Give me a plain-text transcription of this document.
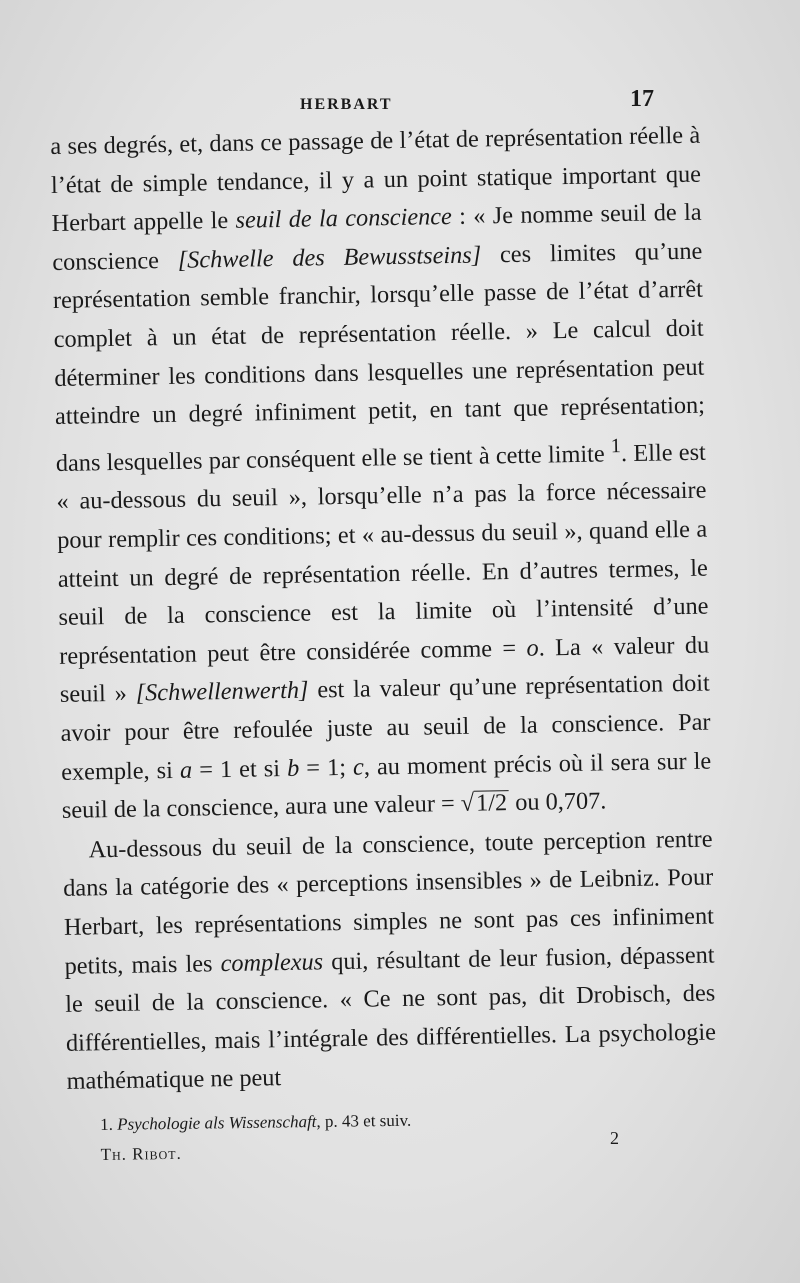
HERBART	17

a ses degrés, et, dans ce passage de l’état de représentation réelle à l’état de simple tendance, il y a un point statique important que Herbart appelle le seuil de la conscience : « Je nomme seuil de la conscience [Schwelle des Bewusstseins] ces limites qu’une représentation semble franchir, lorsqu’elle passe de l’état d’arrêt complet à un état de représentation réelle. » Le calcul doit déterminer les conditions dans lesquelles une représentation peut atteindre un degré infiniment petit, en tant que représentation; dans lesquelles par conséquent elle se tient à cette limite $^1$. Elle est « au-dessous du seuil », lorsqu’elle n’a pas la force nécessaire pour remplir ces conditions; et « au-dessus du seuil », quand elle a atteint un degré de représentation réelle. En d’autres termes, le seuil de la conscience est la limite où l’intensité d’une représentation peut être considérée comme = o. La « valeur du seuil » [Schwellenwerth] est la valeur qu’une représentation doit avoir pour être refoulée juste au seuil de la conscience. Par exemple, si a = 1 et si b = 1; c, au moment précis où il sera sur le seuil de la conscience, aura une valeur = √1/2 ou 0,707.

Au-dessous du seuil de la conscience, toute perception rentre dans la catégorie des « perceptions insensibles » de Leibniz. Pour Herbart, les représentations simples ne sont pas ces infiniment petits, mais les complexus qui, résultant de leur fusion, dépassent le seuil de la conscience. « Ce ne sont pas, dit Drobisch, des différentielles, mais l’intégrale des différentielles. La psychologie mathématique ne peut

1. Psychologie als Wissenschaft, p. 43 et suiv.
Th. Ribot.
2
